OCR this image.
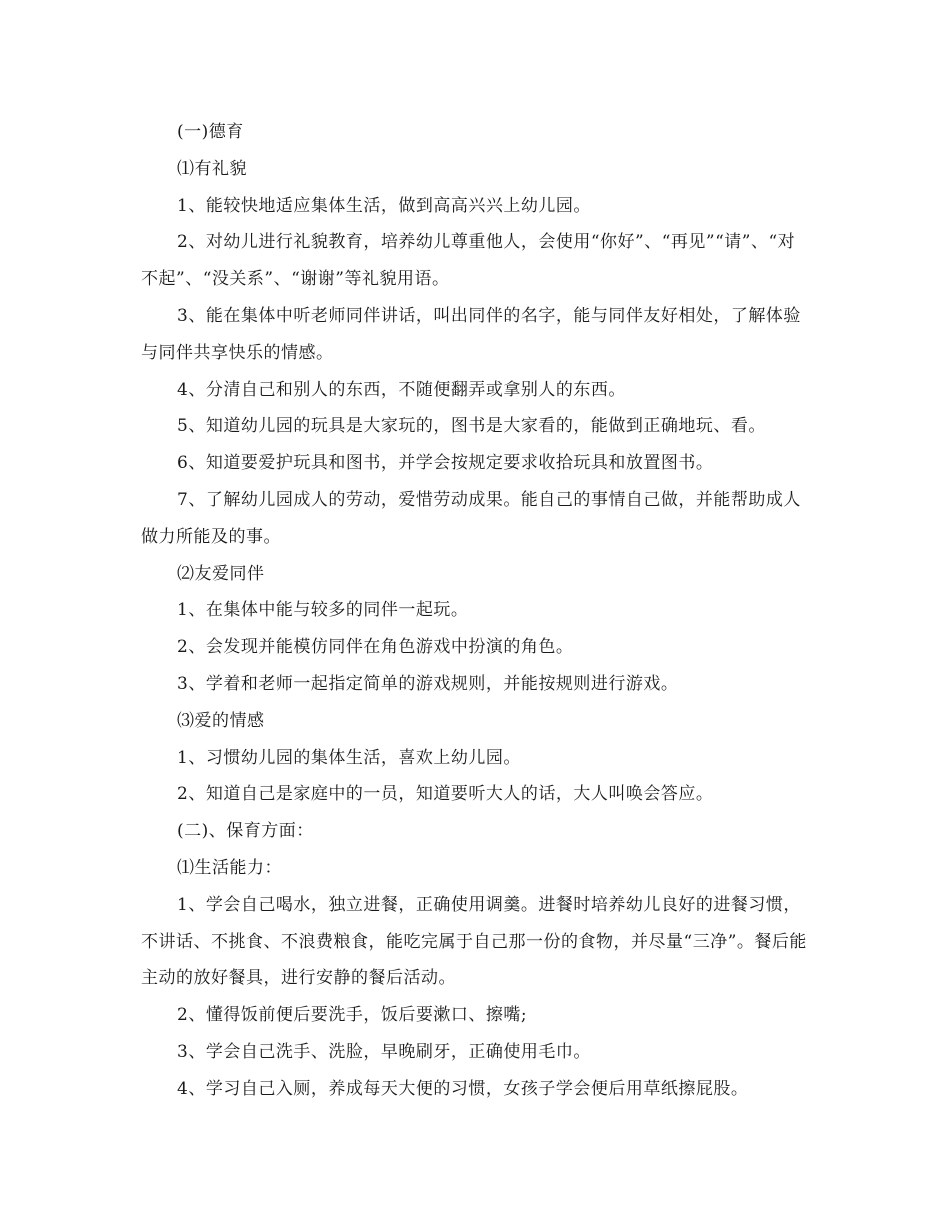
(一)德育

⑴有礼貌

1、能较快地适应集体生活，做到高高兴兴上幼儿园。

2、对幼儿进行礼貌教育，培养幼儿尊重他人，会使用“你好”、“再见”“请”、“对不起”、“没关系”、“谢谢”等礼貌用语。

3、能在集体中听老师同伴讲话，叫出同伴的名字，能与同伴友好相处，了解体验与同伴共享快乐的情感。

4、分清自己和别人的东西，不随便翻弄或拿别人的东西。

5、知道幼儿园的玩具是大家玩的，图书是大家看的，能做到正确地玩、看。

6、知道要爱护玩具和图书，并学会按规定要求收拾玩具和放置图书。

7、了解幼儿园成人的劳动，爱惜劳动成果。能自己的事情自己做，并能帮助成人做力所能及的事。

⑵友爱同伴

1、在集体中能与较多的同伴一起玩。

2、会发现并能模仿同伴在角色游戏中扮演的角色。

3、学着和老师一起指定简单的游戏规则，并能按规则进行游戏。

⑶爱的情感

1、习惯幼儿园的集体生活，喜欢上幼儿园。

2、知道自己是家庭中的一员，知道要听大人的话，大人叫唤会答应。

(二)、保育方面：

⑴生活能力：

1、学会自己喝水，独立进餐，正确使用调羹。进餐时培养幼儿良好的进餐习惯，不讲话、不挑食、不浪费粮食，能吃完属于自己那一份的食物，并尽量“三净”。餐后能主动的放好餐具，进行安静的餐后活动。

2、懂得饭前便后要洗手，饭后要漱口、擦嘴;

3、学会自己洗手、洗脸，早晚刷牙，正确使用毛巾。

4、学习自己入厕，养成每天大便的习惯，女孩子学会便后用草纸擦屁股。
